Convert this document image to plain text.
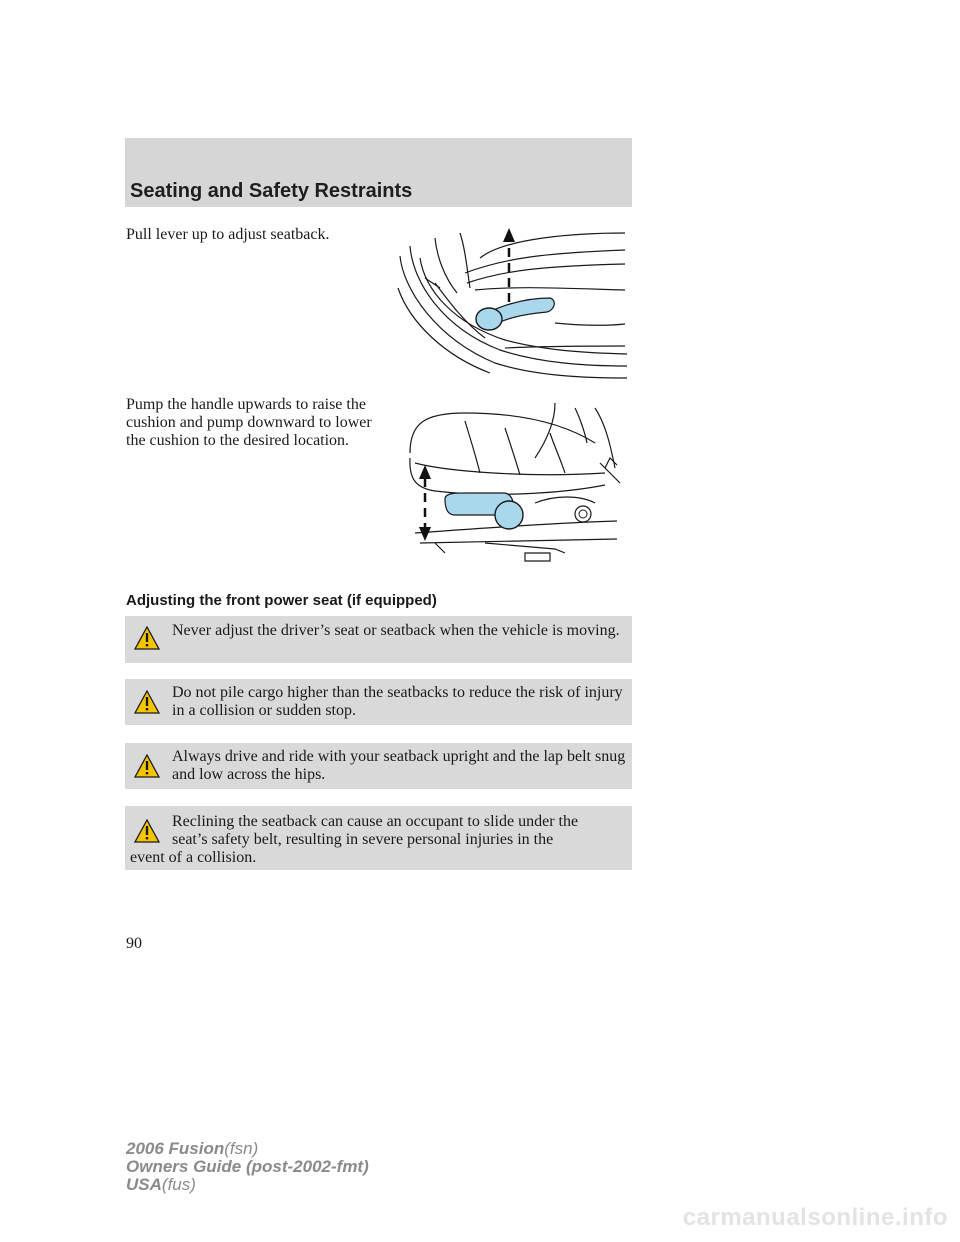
Seating and Safety Restraints

Pull lever up to adjust seatback.

Pump the handle upwards to raise the cushion and pump downward to lower the cushion to the desired location.

Adjusting the front power seat (if equipped)

Never adjust the driver’s seat or seatback when the vehicle is moving.

Do not pile cargo higher than the seatbacks to reduce the risk of injury in a collision or sudden stop.

Always drive and ride with your seatback upright and the lap belt snug and low across the hips.

Reclining the seatback can cause an occupant to slide under the

seat’s safety belt, resulting in severe personal injuries in the
event of a collision.
90
2006 Fusion(fsn)
Owners Guide (post-2002-fmt)
USA(fus)
carmanualsonline.info
